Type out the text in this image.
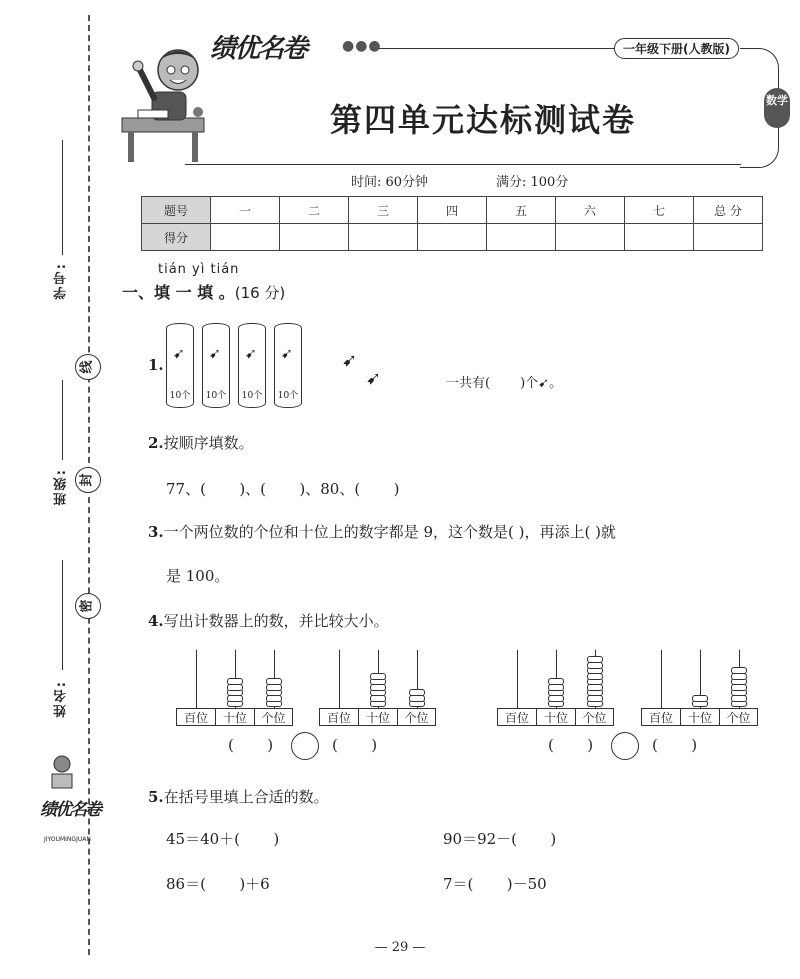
学号:
线
班级: 封
密
姓名:
绩优名卷
JIYOUMINGJUAN
绩优名卷	●●●	一年级下册(人教版)
数学
第四单元达标测试卷
时间: 60分钟	满分: 100分
题号	一	二	三	四	五	六	七	总 分
得分								
tián yì tián
一、填 一 填 。(16 分)
1.
➹
10个
➹
10个
➹
10个
➹
10个
➹
➹	一共有( )个➹。
2.按顺序填数。
77、(       )、(       )、80、(       )
3.一个两位数的个位和十位上的数字都是 9，这个数是( )，再添上( )就
是 100。
4.写出计数器上的数，并比较大小。
百位	十位	个位	百位	十位	个位	百位	十位	个位	百位	十位	个位
(       )	(       )	(       )	(       )
5.在括号里填上合适的数。
45＝40＋(       )	90＝92－(       )
86＝(       )＋6	7＝(       )－50
— 29 —
